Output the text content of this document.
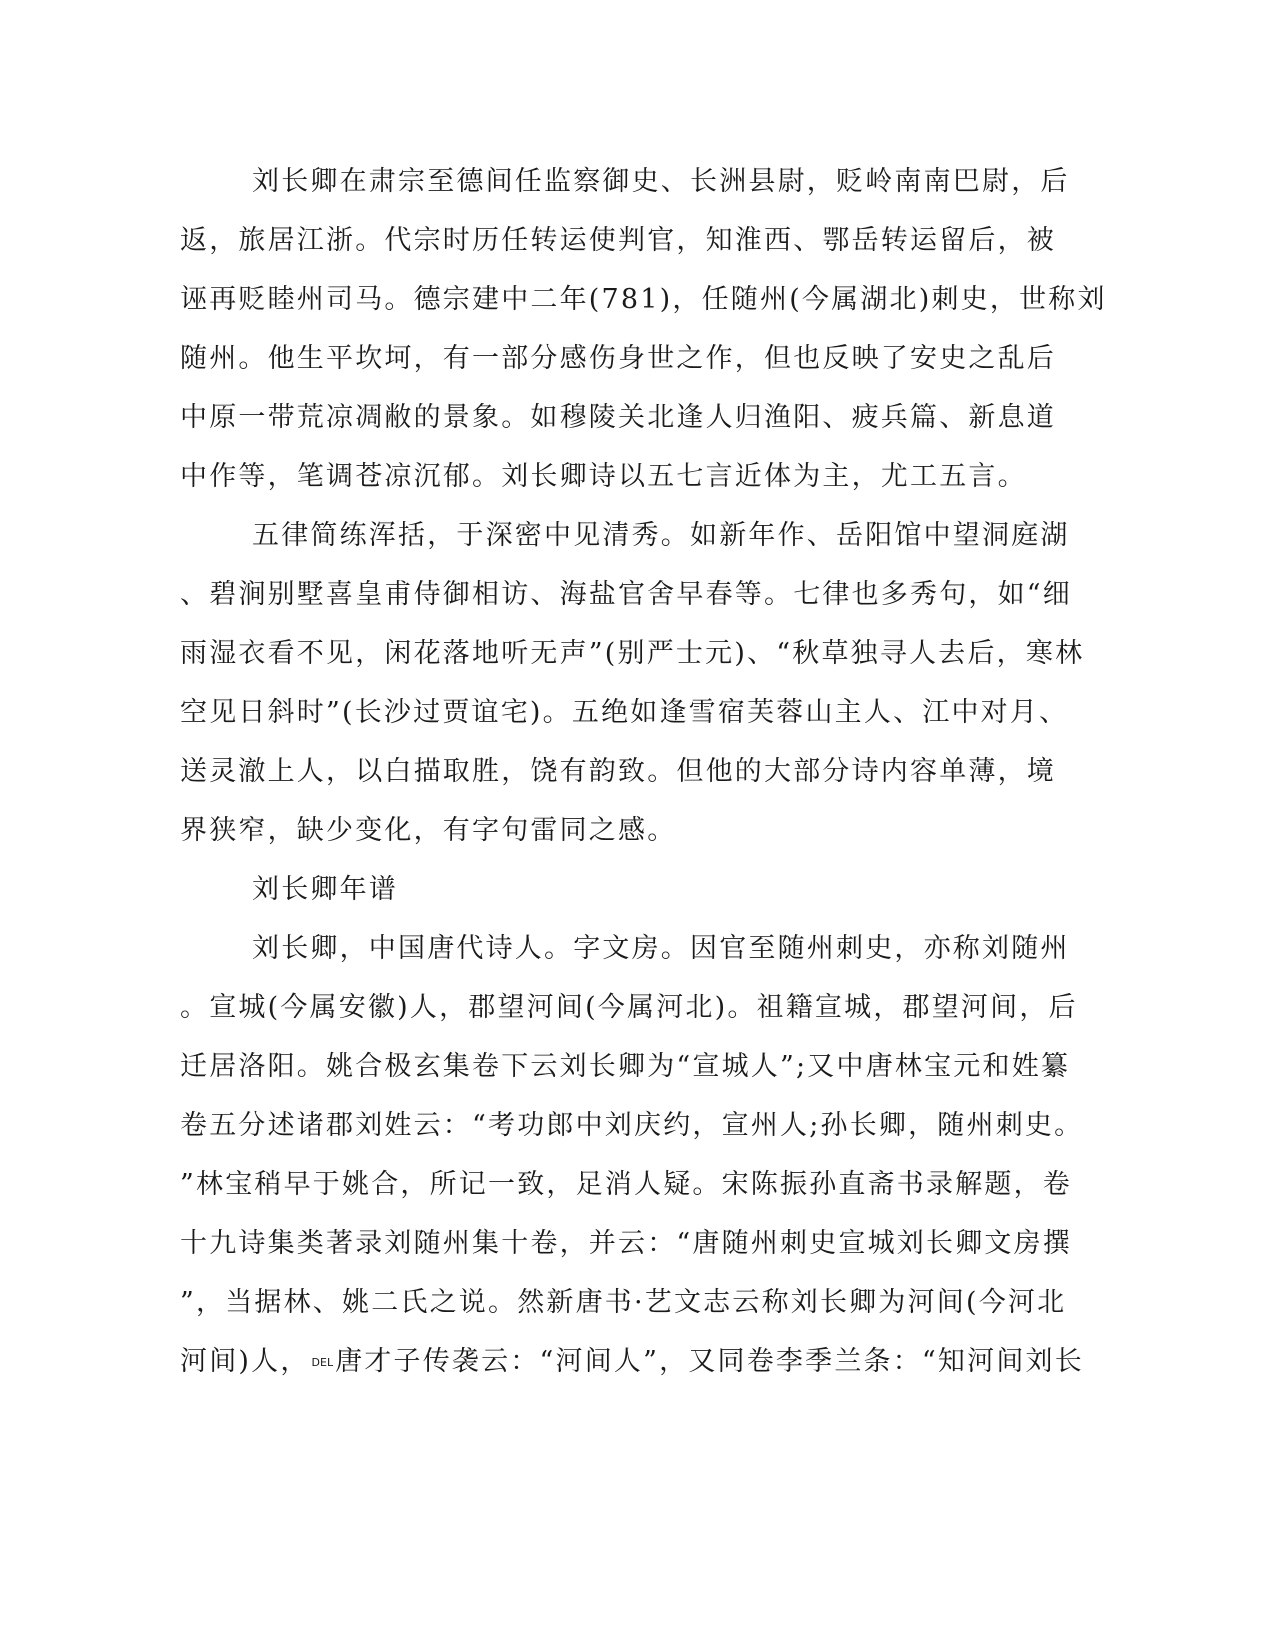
刘长卿在肃宗至德间任监察御史、长洲县尉，贬岭南南巴尉，后
返，旅居江浙。代宗时历任转运使判官，知淮西、鄂岳转运留后，被
诬再贬睦州司马。德宗建中二年(781)，任随州(今属湖北)刺史，世称刘
随州。他生平坎坷，有一部分感伤身世之作，但也反映了安史之乱后
中原一带荒凉凋敝的景象。如穆陵关北逢人归渔阳、疲兵篇、新息道
中作等，笔调苍凉沉郁。刘长卿诗以五七言近体为主，尤工五言。
五律简练浑括，于深密中见清秀。如新年作、岳阳馆中望洞庭湖
、碧涧别墅喜皇甫侍御相访、海盐官舍早春等。七律也多秀句，如“细
雨湿衣看不见，闲花落地听无声”(别严士元)、“秋草独寻人去后，寒林
空见日斜时”(长沙过贾谊宅)。五绝如逢雪宿芙蓉山主人、江中对月、
送灵澈上人，以白描取胜，饶有韵致。但他的大部分诗内容单薄，境
界狭窄，缺少变化，有字句雷同之感。
刘长卿年谱
刘长卿，中国唐代诗人。字文房。因官至随州刺史，亦称刘随州
。宣城(今属安徽)人，郡望河间(今属河北)。祖籍宣城，郡望河间，后
迁居洛阳。姚合极玄集卷下云刘长卿为“宣城人”;又中唐林宝元和姓纂
卷五分述诸郡刘姓云：“考功郎中刘庆约，宣州人;孙长卿，随州刺史。
”林宝稍早于姚合，所记一致，足消人疑。宋陈振孙直斋书录解题，卷
十九诗集类著录刘随州集十卷，并云：“唐随州刺史宣城刘长卿文房撰
”，当据林、姚二氏之说。然新唐书·艺文志云称刘长卿为河间(今河北
河间)人， DEL唐才子传袭云：“河间人”，又同卷李季兰条：“知河间刘长
